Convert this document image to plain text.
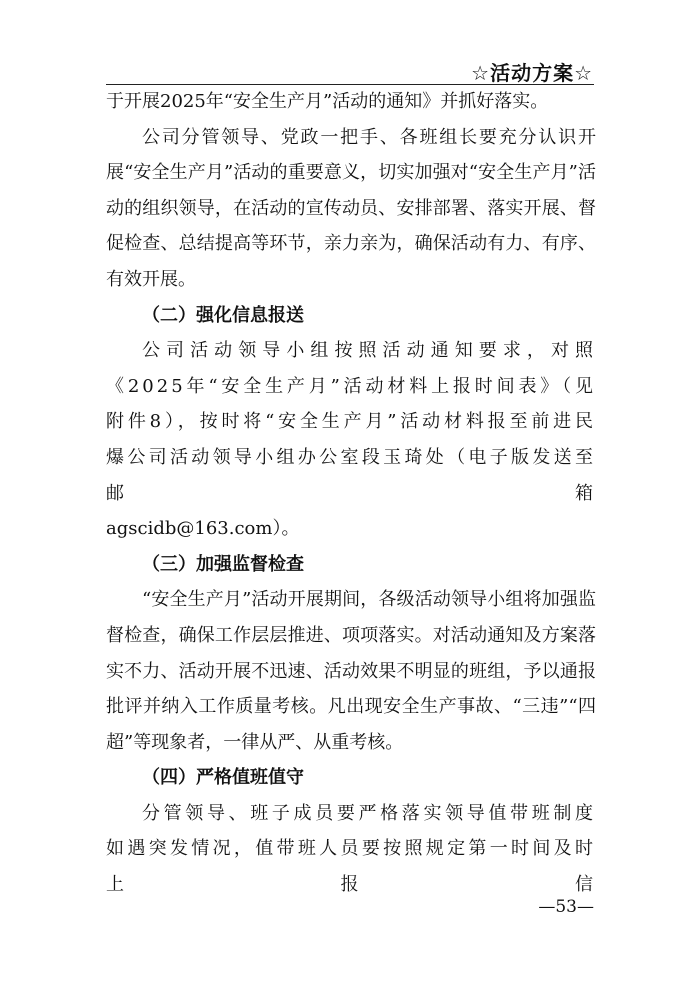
☆活动方案☆

于开展2025年“安全生产月”活动的通知》并抓好落实。

公司分管领导、党政一把手、各班组长要充分认识开展“安全生产月”活动的重要意义，切实加强对“安全生产月”活动的组织领导，在活动的宣传动员、安排部署、落实开展、督促检查、总结提高等环节，亲力亲为，确保活动有力、有序、有效开展。

（二）强化信息报送

公司活动领导小组按照活动通知要求，对照《2025年“安全生产月”活动材料上报时间表》（见附件8），按时将“安全生产月”活动材料报至前进民爆公司活动领导小组办公室段玉琦处（电子版发送至邮箱

agscidb@163.com）。

（三）加强监督检查

“安全生产月”活动开展期间，各级活动领导小组将加强监督检查，确保工作层层推进、项项落实。对活动通知及方案落实不力、活动开展不迅速、活动效果不明显的班组，予以通报批评并纳入工作质量考核。凡出现安全生产事故、“三违”“四超”等现象者，一律从严、从重考核。

（四）严格值班值守

分管领导、班子成员要严格落实领导值带班制度如遇突发情况，值带班人员要按照规定第一时间及时上报信

—53—
